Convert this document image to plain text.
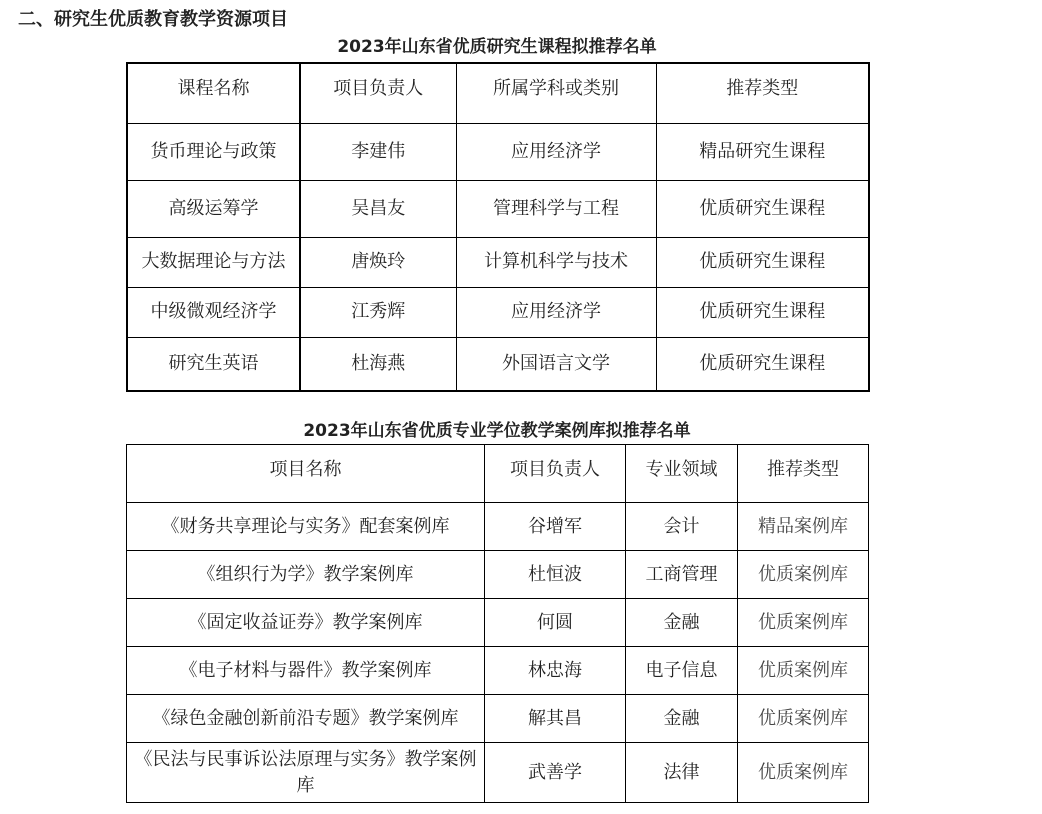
二、研究生优质教育教学资源项目
2023年山东省优质研究生课程拟推荐名单
课程名称	项目负责人	所属学科或类别	推荐类型
货币理论与政策	李建伟	应用经济学	精品研究生课程
高级运筹学	吴昌友	管理科学与工程	优质研究生课程
大数据理论与方法	唐焕玲	计算机科学与技术	优质研究生课程
中级微观经济学	江秀辉	应用经济学	优质研究生课程
研究生英语	杜海燕	外国语言文学	优质研究生课程
2023年山东省优质专业学位教学案例库拟推荐名单
项目名称	项目负责人	专业领域	推荐类型
《财务共享理论与实务》配套案例库	谷增军	会计	精品案例库
《组织行为学》教学案例库	杜恒波	工商管理	优质案例库
《固定收益证券》教学案例库	何圆	金融	优质案例库
《电子材料与器件》教学案例库	林忠海	电子信息	优质案例库
《绿色金融创新前沿专题》教学案例库	解其昌	金融	优质案例库
《民法与民事诉讼法原理与实务》教学案例库	武善学	法律	优质案例库
